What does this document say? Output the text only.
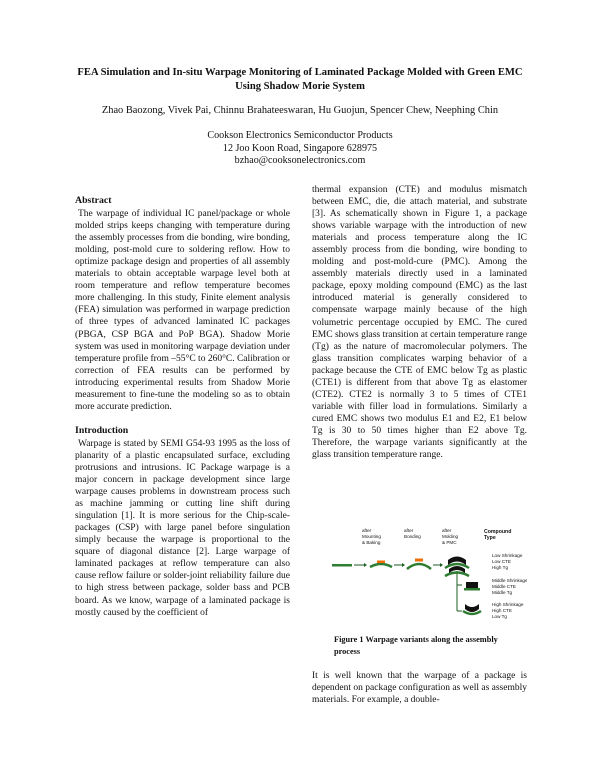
FEA Simulation and In-situ Warpage Monitoring of Laminated Package Molded with Green EMC Using Shadow Morie System
Zhao Baozong, Vivek Pai, Chinnu Brahateeswaran, Hu Guojun, Spencer Chew, Neephing Chin
Cookson Electronics Semiconductor Products
12 Joo Koon Road, Singapore 628975
bzhao@cooksonelectronics.com
Abstract

The warpage of individual IC panel/package or whole molded strips keeps changing with temperature during the assembly processes from die bonding, wire bonding, molding, post-mold cure to soldering reflow. How to optimize package design and properties of all assembly materials to obtain acceptable warpage level both at room temperature and reflow temperature becomes more challenging. In this study, Finite element analysis (FEA) simulation was performed in warpage prediction of three types of advanced laminated IC packages (PBGA, CSP BGA and PoP BGA). Shadow Morie system was used in monitoring warpage deviation under temperature profile from –55°C to 260°C. Calibration or correction of FEA results can be performed by introducing experimental results from Shadow Morie measurement to fine-tune the modeling so as to obtain more accurate prediction.

Introduction

Warpage is stated by SEMI G54-93 1995 as the loss of planarity of a plastic encapsulated surface, excluding protrusions and intrusions. IC Package warpage is a major concern in package development since large warpage causes problems in downstream process such as machine jamming or cutting line shift during singulation [1]. It is more serious for the Chip-scale-packages (CSP) with large panel before singulation simply because the warpage is proportional to the square of diagonal distance [2]. Large warpage of laminated packages at reflow temperature can also cause reflow failure or solder-joint reliability failure due to high stress between package, solder bass and PCB board. As we know, warpage of a laminated package is mostly caused by the coefficient of

thermal expansion (CTE) and modulus mismatch between EMC, die, die attach material, and substrate [3]. As schematically shown in Figure 1, a package shows variable warpage with the introduction of new materials and process temperature along the IC assembly process from die bonding, wire bonding to molding and post-mold-cure (PMC). Among the assembly materials directly used in a laminated package, epoxy molding compound (EMC) as the last introduced material is generally considered to compensate warpage mainly because of the high volumetric percentage occupied by EMC. The cured EMC shows glass transition at certain temperature range (Tg) as the nature of macromolecular polymers. The glass transition complicates warping behavior of a package because the CTE of EMC below Tg as plastic (CTE1) is different from that above Tg as elastomer (CTE2). CTE2 is normally 3 to 5 times of CTE1 variable with filler load in formulations. Similarly a cured EMC shows two modulus E1 and E2, E1 below Tg is 30 to 50 times higher than E2 above Tg. Therefore, the warpage variants significantly at the glass transition temperature range.

after Mounting & Baking
after Bonding
after Molding & PMC
Compound Type
Low Shrinkage Low CTE High Tg
Middle Shrinkage Middle CTE Middle Tg
High Shrinkage High CTE Low Tg
Figure 1 Warpage variants along the assembly process

It is well known that the warpage of a package is dependent on package configuration as well as assembly materials. For example, a double-
